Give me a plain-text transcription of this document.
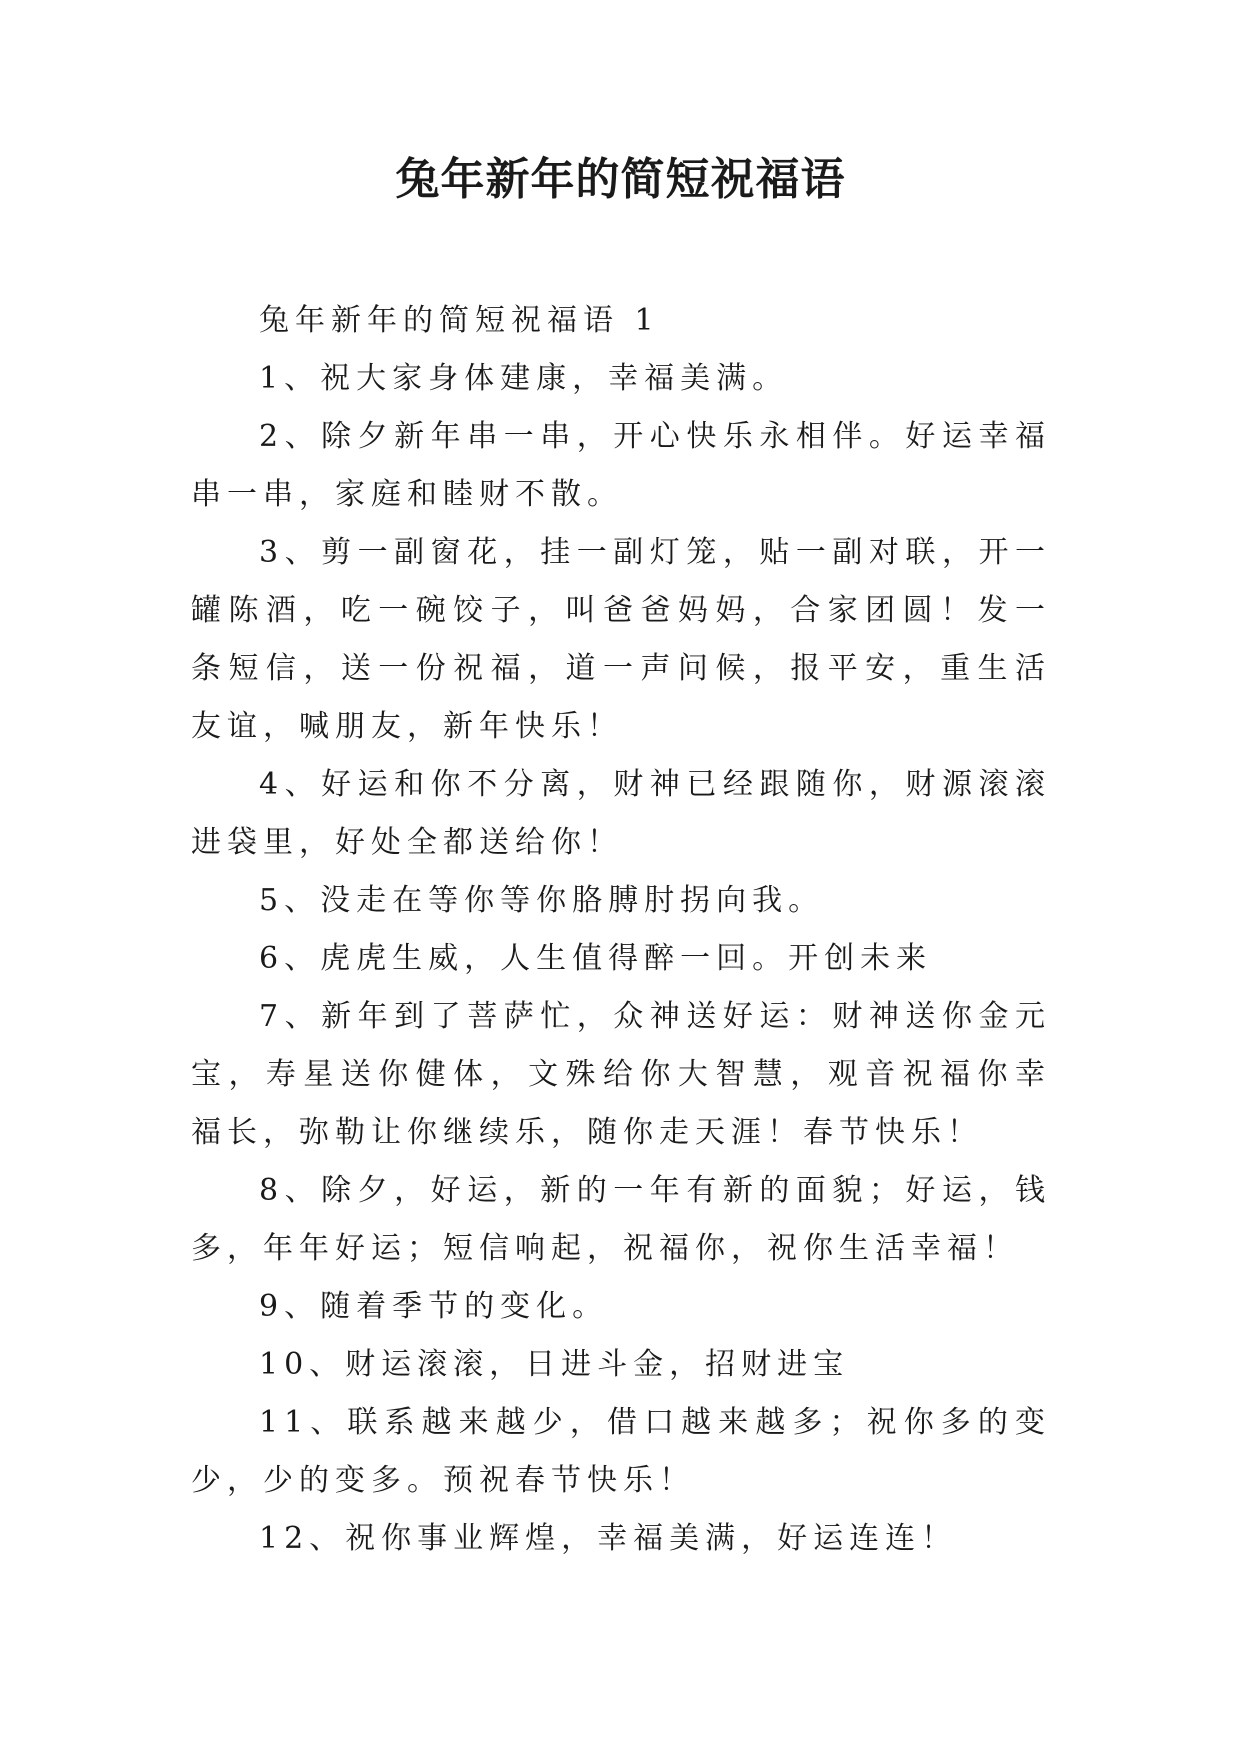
兔年新年的简短祝福语

兔年新年的简短祝福语 1

1、祝大家身体建康，幸福美满。

2、除夕新年串一串，开心快乐永相伴。好运幸福串一串，家庭和睦财不散。

3、剪一副窗花，挂一副灯笼，贴一副对联，开一罐陈酒，吃一碗饺子，叫爸爸妈妈，合家团圆！发一条短信，送一份祝福，道一声问候，报平安，重生活友谊，喊朋友，新年快乐！

4、好运和你不分离，财神已经跟随你，财源滚滚进袋里，好处全都送给你！

5、没走在等你等你胳膊肘拐向我。

6、虎虎生威，人生值得醉一回。开创未来

7、新年到了菩萨忙，众神送好运：财神送你金元宝，寿星送你健体，文殊给你大智慧，观音祝福你幸福长，弥勒让你继续乐，随你走天涯！春节快乐！

8、除夕，好运，新的一年有新的面貌；好运，钱多，年年好运；短信响起，祝福你，祝你生活幸福！

9、随着季节的变化。

10、财运滚滚，日进斗金，招财进宝

11、联系越来越少，借口越来越多；祝你多的变少，少的变多。预祝春节快乐！

12、祝你事业辉煌，幸福美满，好运连连！
